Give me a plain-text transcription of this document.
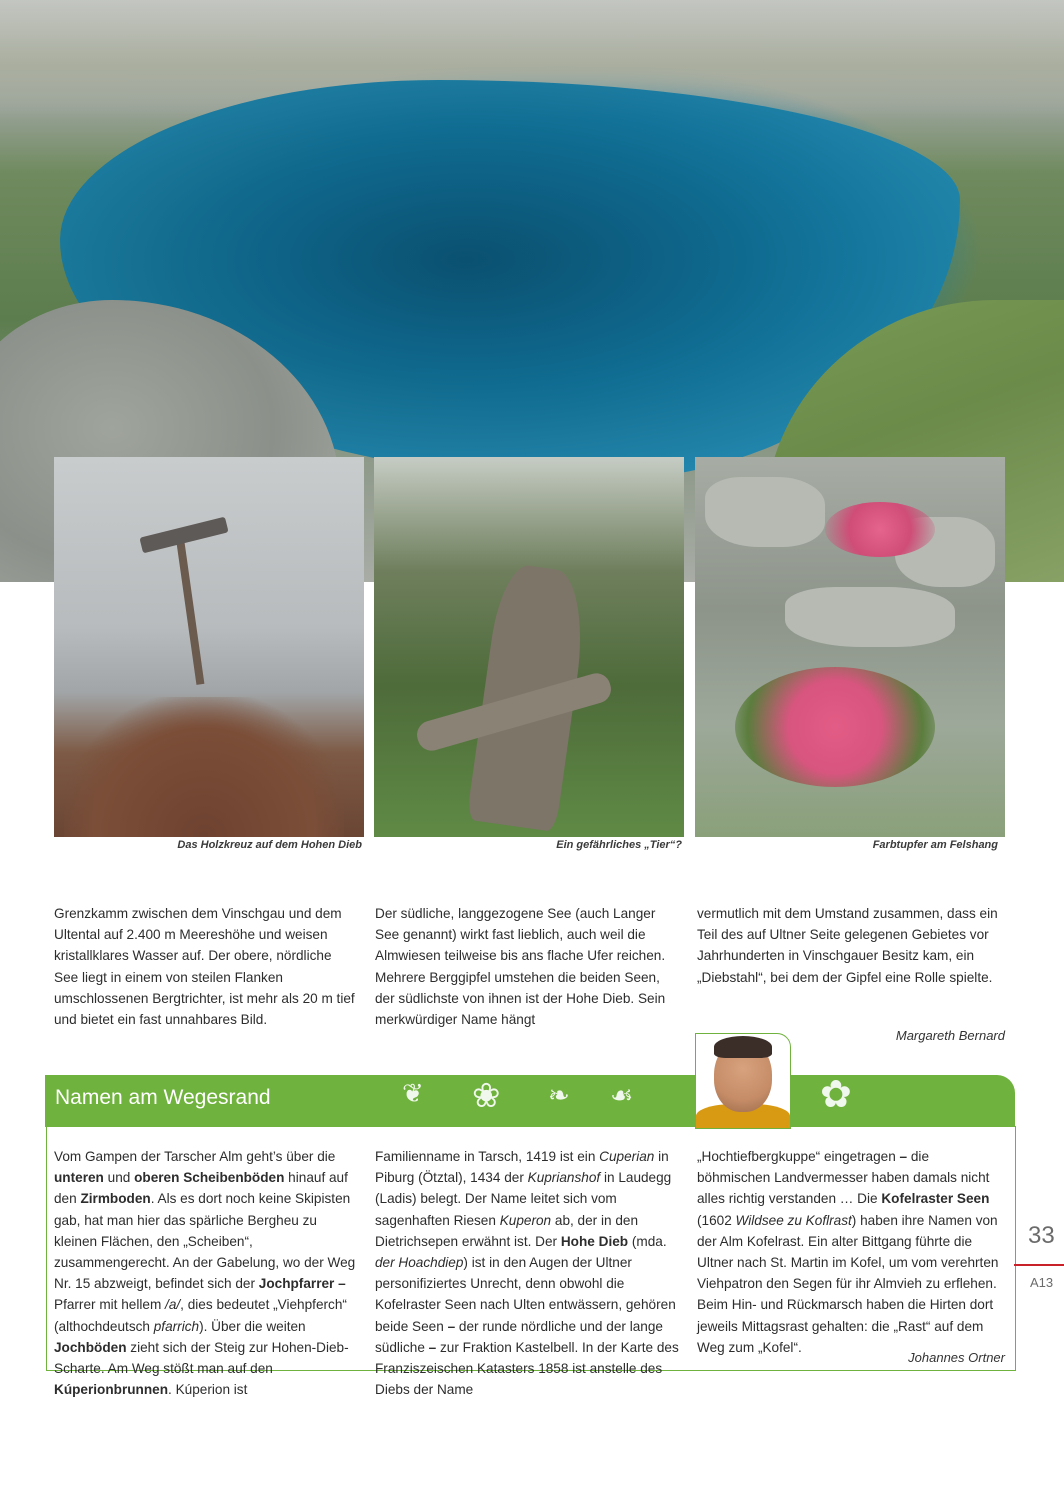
Das Holzkreuz auf dem Hohen Dieb	Ein gefährliches „Tier“?	Farbtupfer am Felshang

Grenzkamm zwischen dem Vinschgau und dem Ultental auf 2.400 m Meereshöhe und weisen kristallklares Wasser auf. Der obere, nördliche See liegt in einem von steilen Flanken umschlossenen Bergtrichter, ist mehr als 20 m tief und bietet ein fast unnahbares Bild.

Der südliche, langgezogene See (auch Langer See genannt) wirkt fast lieblich, auch weil die Almwiesen teilweise bis ans flache Ufer reichen. Mehrere Berggipfel umstehen die beiden Seen, der südlichste von ihnen ist der Hohe Dieb. Sein merkwürdiger Name hängt

vermutlich mit dem Umstand zusammen, dass ein Teil des auf Ultner Seite gelegenen Gebietes vor Jahrhunderten in Vinschgauer Besitz kam, ein „Diebstahl“, bei dem der Gipfel eine Rolle spielte.

Margareth Bernard
Namen am Wegesrand	❦ ❀ ❧ ☙	✿

Vom Gampen der Tarscher Alm geht’s über die unteren und oberen Scheibenböden hinauf auf den Zirmboden. Als es dort noch keine Skipisten gab, hat man hier das spärliche Bergheu zu kleinen Flächen, den „Scheiben“, zusammengerecht. An der Gabelung, wo der Weg Nr. 15 abzweigt, befindet sich der Jochpfarrer – Pfarrer mit hellem /a/, dies bedeutet „Viehpferch“ (althochdeutsch pfarrich). Über die weiten Jochböden zieht sich der Steig zur Hohen-Dieb-Scharte. Am Weg stößt man auf den Kúperionbrunnen. Kúperion ist

Familienname in Tarsch, 1419 ist ein Cuperian in Piburg (Ötztal), 1434 der Kuprianshof in Laudegg (Ladis) belegt. Der Name leitet sich vom sagenhaften Riesen Kuperon ab, der in den Dietrichsepen erwähnt ist. Der Hohe Dieb (mda. der Hoachdiep) ist in den Augen der Ultner personifiziertes Unrecht, denn obwohl die Kofelraster Seen nach Ulten entwässern, gehören beide Seen – der runde nördliche und der lange südliche – zur Fraktion Kastelbell. In der Karte des Franziszeischen Katasters 1858 ist anstelle des Diebs der Name

„Hochtiefbergkuppe“ eingetragen – die böhmischen Landvermesser haben damals nicht alles richtig verstanden … Die Kofelraster Seen (1602 Wildsee zu Koflrast) haben ihre Namen von der Alm Kofelrast. Ein alter Bittgang führte die Ultner nach St. Martin im Kofel, um vom verehrten Viehpatron den Segen für ihr Almvieh zu erflehen. Beim Hin- und Rückmarsch haben die Hirten dort jeweils Mittagsrast gehalten: die „Rast“ auf dem Weg zum „Kofel“.

Johannes Ortner
33
A13
